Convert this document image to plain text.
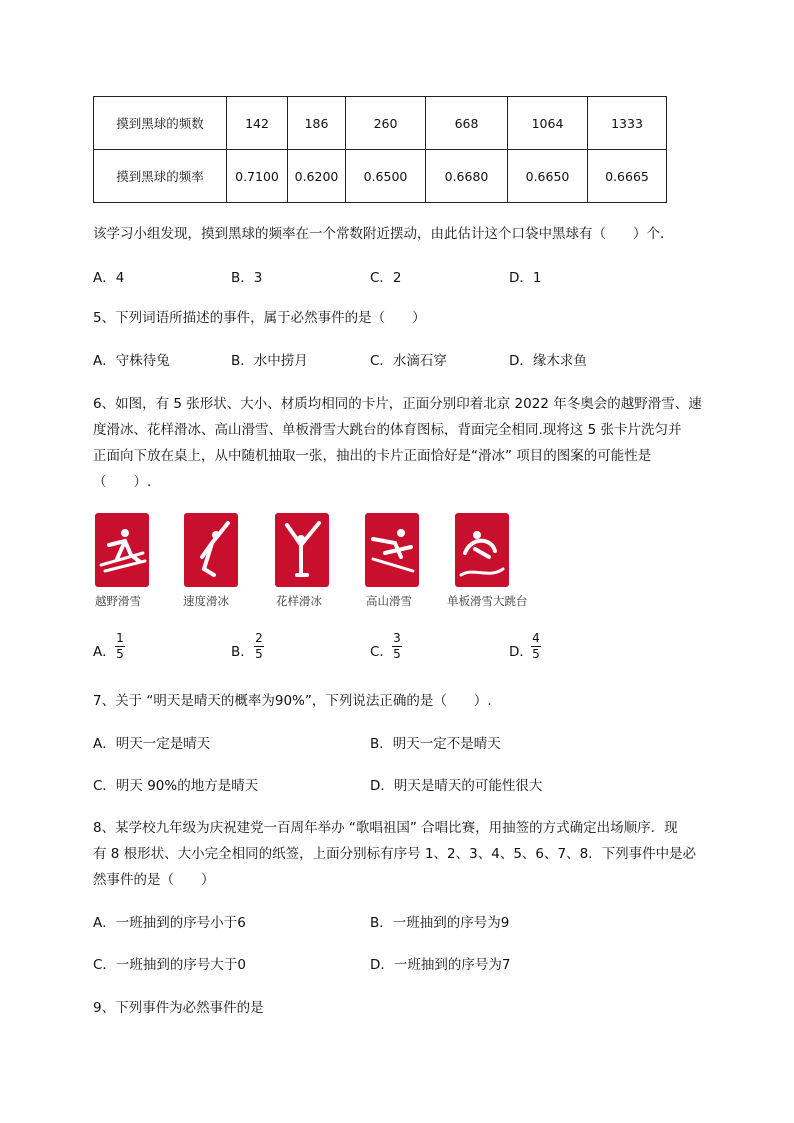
摸到黑球的频数	142	186	260	668	1064	1333
摸到黑球的频率	0.7100	0.6200	0.6500	0.6680	0.6650	0.6665
该学习小组发现，摸到黑球的频率在一个常数附近摆动，由此估计这个口袋中黑球有（　　）个．
A．4	B．3	C．2	D．1
5、下列词语所描述的事件，属于必然事件的是（　　）
A．守株待兔	B．水中捞月	C．水滴石穿	D．缘木求鱼
6、如图，有 5 张形状、大小、材质均相同的卡片，正面分别印着北京 2022 年冬奥会的越野滑雪、速
度滑冰、花样滑冰、高山滑雪、单板滑雪大跳台的体育图标，背面完全相同.现将这 5 张卡片洗匀并
正面向下放在桌上，从中随机抽取一张，抽出的卡片正面恰好是“滑冰” 项目的图案的可能性是
（　　）.
越野滑雪	速度滑冰	花样滑冰	高山滑雪	单板滑雪大跳台
A．
1
5	B．
2
5	C．
3
5	D．
4
5
7、关于 “明天是晴天的概率为90%”，下列说法正确的是（　　）.
A．明天一定是晴天	B．明天一定不是晴天
C．明天 90%的地方是晴天	D．明天是晴天的可能性很大
8、某学校九年级为庆祝建党一百周年举办 “歌唱祖国” 合唱比赛，用抽签的方式确定出场顺序．现
有 8 根形状、大小完全相同的纸签，上面分别标有序号 1、2、3、4、5、6、7、8．下列事件中是必
然事件的是（　　）
A．一班抽到的序号小于6	B．一班抽到的序号为9
C．一班抽到的序号大于0	D．一班抽到的序号为7
9、下列事件为必然事件的是
